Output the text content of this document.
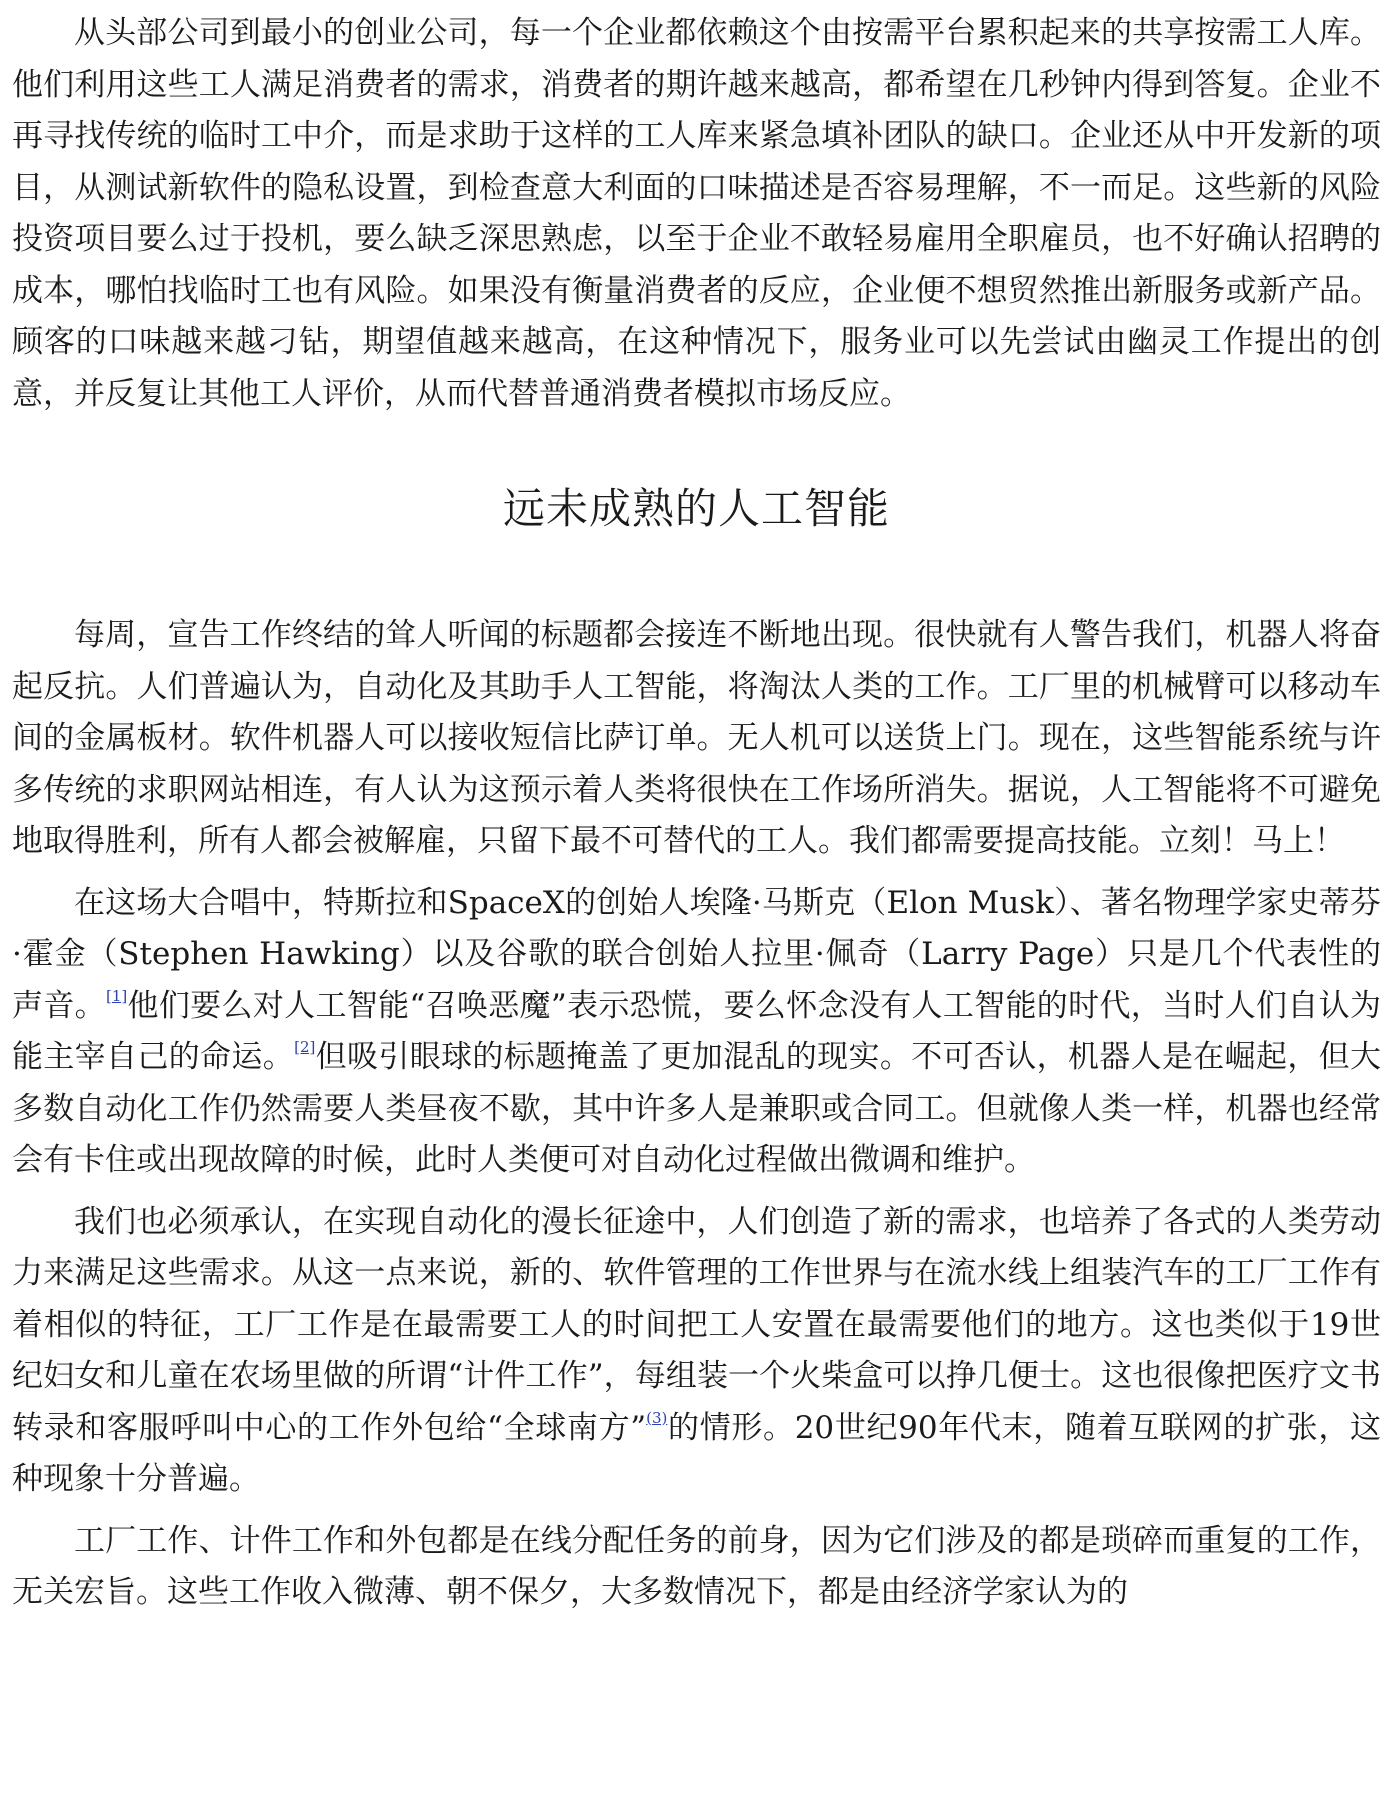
从头部公司到最小的创业公司，每一个企业都依赖这个由按需平台累积起来的共享按需工人库。他们利用这些工人满足消费者的需求，消费者的期许越来越高，都希望在几秒钟内得到答复。企业不再寻找传统的临时工中介，而是求助于这样的工人库来紧急填补团队的缺口。企业还从中开发新的项目，从测试新软件的隐私设置，到检查意大利面的口味描述是否容易理解，不一而足。这些新的风险投资项目要么过于投机，要么缺乏深思熟虑，以至于企业不敢轻易雇用全职雇员，也不好确认招聘的成本，哪怕找临时工也有风险。如果没有衡量消费者的反应，企业便不想贸然推出新服务或新产品。顾客的口味越来越刁钻，期望值越来越高，在这种情况下，服务业可以先尝试由幽灵工作提出的创意，并反复让其他工人评价，从而代替普通消费者模拟市场反应。

远未成熟的人工智能

每周，宣告工作终结的耸人听闻的标题都会接连不断地出现。很快就有人警告我们，机器人将奋起反抗。人们普遍认为，自动化及其助手人工智能，将淘汰人类的工作。工厂里的机械臂可以移动车间的金属板材。软件机器人可以接收短信比萨订单。无人机可以送货上门。现在，这些智能系统与许多传统的求职网站相连，有人认为这预示着人类将很快在工作场所消失。据说，人工智能将不可避免地取得胜利，所有人都会被解雇，只留下最不可替代的工人。我们都需要提高技能。立刻！马上！

在这场大合唱中，特斯拉和SpaceX的创始人埃隆·马斯克（Elon Musk）、著名物理学家史蒂芬·霍金（Stephen Hawking）以及谷歌的联合创始人拉里·佩奇（Larry Page）只是几个代表性的声音。[1]他们要么对人工智能“召唤恶魔”表示恐慌，要么怀念没有人工智能的时代，当时人们自认为能主宰自己的命运。[2]但吸引眼球的标题掩盖了更加混乱的现实。不可否认，机器人是在崛起，但大多数自动化工作仍然需要人类昼夜不歇，其中许多人是兼职或合同工。但就像人类一样，机器也经常会有卡住或出现故障的时候，此时人类便可对自动化过程做出微调和维护。

我们也必须承认，在实现自动化的漫长征途中，人们创造了新的需求，也培养了各式的人类劳动力来满足这些需求。从这一点来说，新的、软件管理的工作世界与在流水线上组装汽车的工厂工作有着相似的特征，工厂工作是在最需要工人的时间把工人安置在最需要他们的地方。这也类似于19世纪妇女和儿童在农场里做的所谓“计件工作”，每组装一个火柴盒可以挣几便士。这也很像把医疗文书转录和客服呼叫中心的工作外包给“全球南方”$^{(3)}$的情形。20世纪90年代末，随着互联网的扩张，这种现象十分普遍。

工厂工作、计件工作和外包都是在线分配任务的前身，因为它们涉及的都是琐碎而重复的工作，无关宏旨。这些工作收入微薄、朝不保夕，大多数情况下，都是由经济学家认为的
